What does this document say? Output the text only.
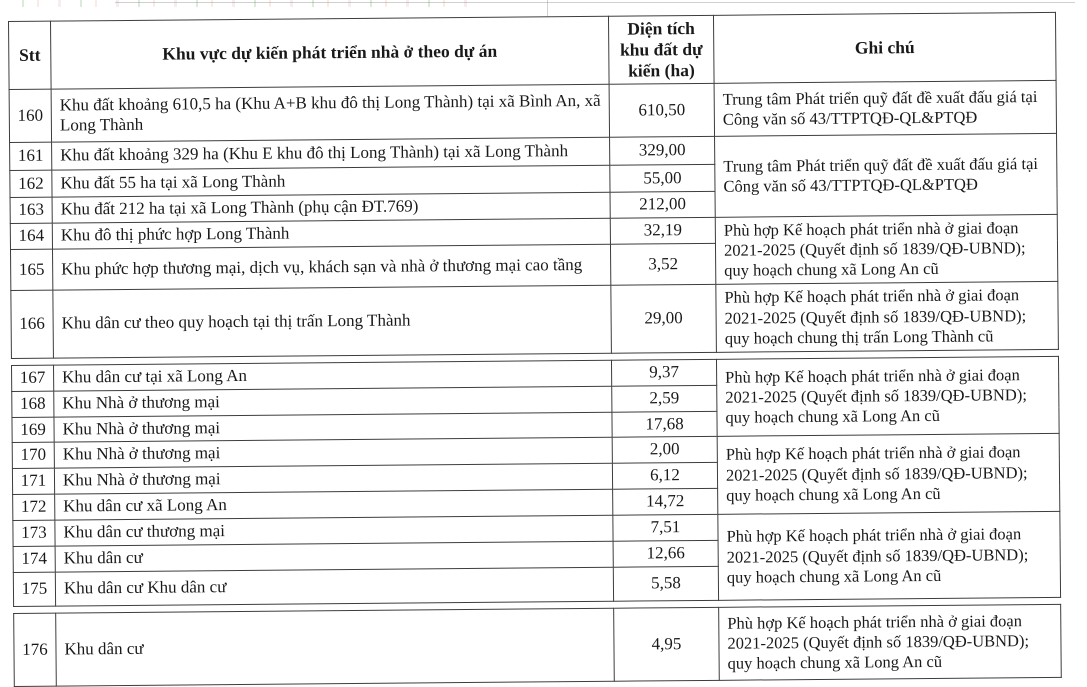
Stt	Khu vực dự kiến phát triển nhà ở theo dự án	Diện tích khu đất dự kiến (ha)	Ghi chú
160	Khu đất khoảng 610,5 ha (Khu A+B khu đô thị Long Thành) tại xã Bình An, xã Long Thành	610,50	Trung tâm Phát triển quỹ đất đề xuất đấu giá tại Công văn số 43/TTPTQĐ-QL&PTQĐ
161	Khu đất khoảng 329 ha (Khu E khu đô thị Long Thành) tại xã Long Thành	329,00	Trung tâm Phát triển quỹ đất đề xuất đấu giá tại Công văn số 43/TTPTQĐ-QL&PTQĐ
162	Khu đất 55 ha tại xã Long Thành	55,00	
163	Khu đất 212 ha tại xã Long Thành (phụ cận ĐT.769)	212,00	
164	Khu đô thị phức hợp Long Thành	32,19	Phù hợp Kế hoạch phát triển nhà ở giai đoạn 2021-2025 (Quyết định số 1839/QĐ-UBND); quy hoạch chung xã Long An cũ
165	Khu phức hợp thương mại, dịch vụ, khách sạn và nhà ở thương mại cao tầng	3,52	
166	Khu dân cư theo quy hoạch tại thị trấn Long Thành	29,00	Phù hợp Kế hoạch phát triển nhà ở giai đoạn 2021-2025 (Quyết định số 1839/QĐ-UBND); quy hoạch chung thị trấn Long Thành cũ
167	Khu dân cư tại xã Long An	9,37	Phù hợp Kế hoạch phát triển nhà ở giai đoạn 2021-2025 (Quyết định số 1839/QĐ-UBND); quy hoạch chung xã Long An cũ
168	Khu Nhà ở thương mại	2,59	
169	Khu Nhà ở thương mại	17,68	
170	Khu Nhà ở thương mại	2,00	Phù hợp Kế hoạch phát triển nhà ở giai đoạn 2021-2025 (Quyết định số 1839/QĐ-UBND); quy hoạch chung xã Long An cũ
171	Khu Nhà ở thương mại	6,12	
172	Khu dân cư xã Long An	14,72	
173	Khu dân cư thương mại	7,51	Phù hợp Kế hoạch phát triển nhà ở giai đoạn 2021-2025 (Quyết định số 1839/QĐ-UBND); quy hoạch chung xã Long An cũ
174	Khu dân cư	12,66	
175	Khu dân cư Khu dân cư	5,58	
176	Khu dân cư	4,95	Phù hợp Kế hoạch phát triển nhà ở giai đoạn 2021-2025 (Quyết định số 1839/QĐ-UBND); quy hoạch chung xã Long An cũ
